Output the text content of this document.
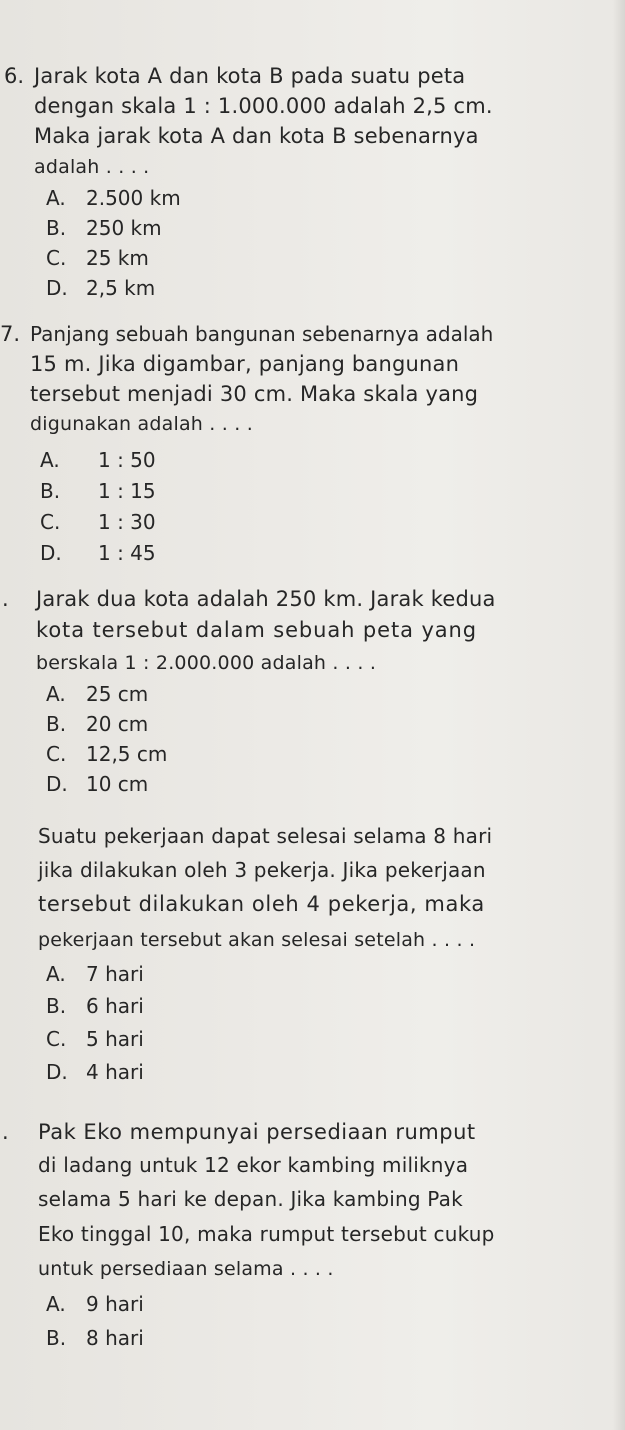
6. Jarak kota A dan kota B pada suatu peta
dengan skala 1 : 1.000.000 adalah 2,5 cm.
Maka jarak kota A dan kota B sebenarnya
adalah . . . .
A. 2.500 km
B. 250 km
C. 25 km
D. 2,5 km
7. Panjang sebuah bangunan sebenarnya adalah
15 m. Jika digambar, panjang bangunan
tersebut menjadi 30 cm. Maka skala yang
digunakan adalah . . . .
A. 1 : 50
B. 1 : 15
C. 1 : 30
D. 1 : 45
. Jarak dua kota adalah 250 km. Jarak kedua
kota tersebut dalam sebuah peta yang
berskala 1 : 2.000.000 adalah . . . .
A. 25 cm
B. 20 cm
C. 12,5 cm
D. 10 cm
Suatu pekerjaan dapat selesai selama 8 hari
jika dilakukan oleh 3 pekerja. Jika pekerjaan
tersebut dilakukan oleh 4 pekerja, maka
pekerjaan tersebut akan selesai setelah . . . .
A. 7 hari
B. 6 hari
C. 5 hari
D. 4 hari
. Pak Eko mempunyai persediaan rumput
di ladang untuk 12 ekor kambing miliknya
selama 5 hari ke depan. Jika kambing Pak
Eko tinggal 10, maka rumput tersebut cukup
untuk persediaan selama . . . .
A. 9 hari
B. 8 hari
